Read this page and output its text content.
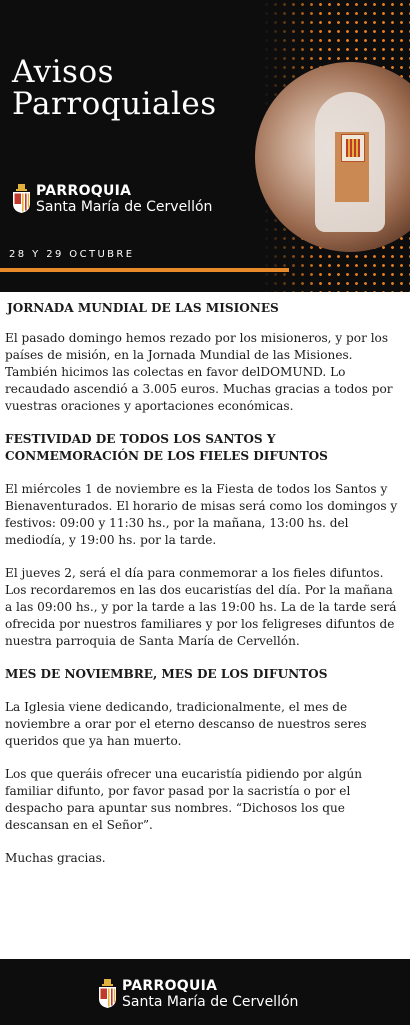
Avisos
Parroquiales
PARROQUIA
Santa María de Cervellón
28 Y 29 OCTUBRE
JORNADA MUNDIAL DE LAS MISIONES

El pasado domingo hemos rezado por los misioneros, y por los países de misión, en la Jornada Mundial de las Misiones. También hicimos las colectas en favor delDOMUND. Lo recaudado ascendió a 3.005 euros. Muchas gracias a todos por vuestras oraciones y aportaciones económicas.

FESTIVIDAD DE TODOS LOS SANTOS Y CONMEMORACIÓN DE LOS FIELES DIFUNTOS

El miércoles 1 de noviembre es la Fiesta de todos los Santos y Bienaventurados. El horario de misas será como los domingos y festivos: 09:00 y 11:30 hs., por la mañana, 13:00 hs. del mediodía, y 19:00 hs. por la tarde.

El jueves 2, será el día para conmemorar a los fieles difuntos. Los recordaremos en las dos eucaristías del día. Por la mañana a las 09:00 hs., y por la tarde a las 19:00 hs. La de la tarde será ofrecida por nuestros familiares y por los feligreses difuntos de nuestra parroquia de Santa María de Cervellón.

MES DE NOVIEMBRE, MES DE LOS DIFUNTOS

La Iglesia viene dedicando, tradicionalmente, el mes de noviembre a orar por el eterno descanso de nuestros seres queridos que ya han muerto.

Los que queráis ofrecer una eucaristía pidiendo por algún familiar difunto, por favor pasad por la sacristía o por el despacho para apuntar sus nombres. “Dichosos los que descansan en el Señor”.

Muchas gracias.

PARROQUIA
Santa María de Cervellón
